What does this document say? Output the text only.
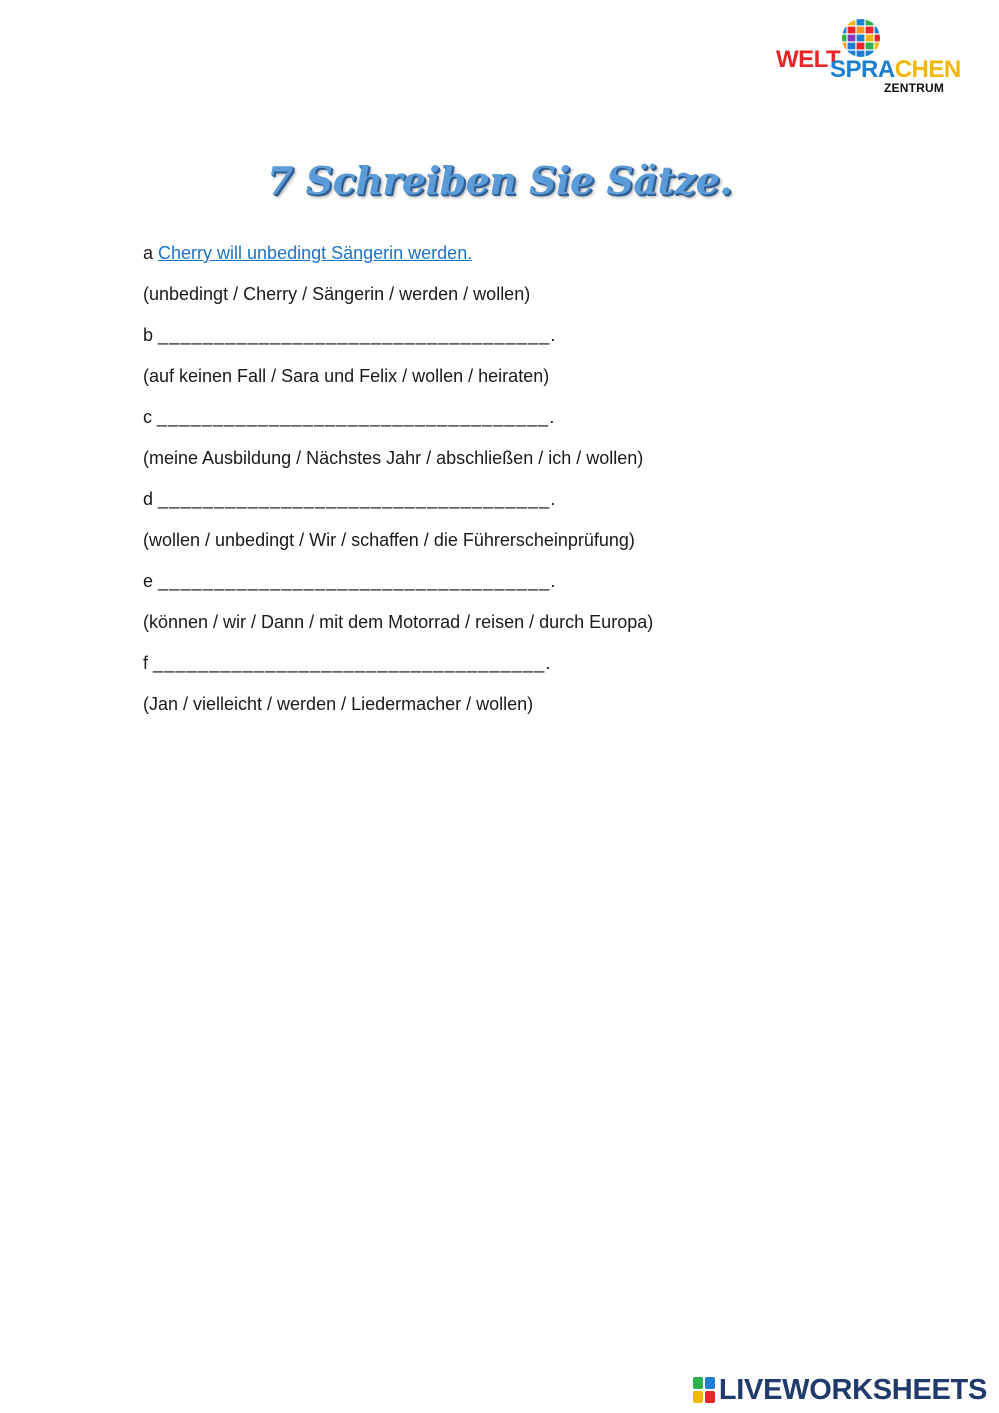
WELT
SPRACHEN
ZENTRUM
7 Schreiben Sie Sätze.
a Cherry will unbedingt Sängerin werden.
(unbedingt / Cherry / Sängerin / werden / wollen)
b ___________________________________.
(auf keinen Fall / Sara und Felix / wollen / heiraten)
c ___________________________________.
(meine Ausbildung / Nächstes Jahr / abschließen / ich / wollen)
d ___________________________________.
(wollen / unbedingt / Wir / schaffen / die Führerscheinprüfung)
e ___________________________________.
(können / wir / Dann / mit dem Motorrad / reisen / durch Europa)
f ___________________________________.
(Jan / vielleicht / werden / Liedermacher / wollen)
LIVEWORKSHEETS
